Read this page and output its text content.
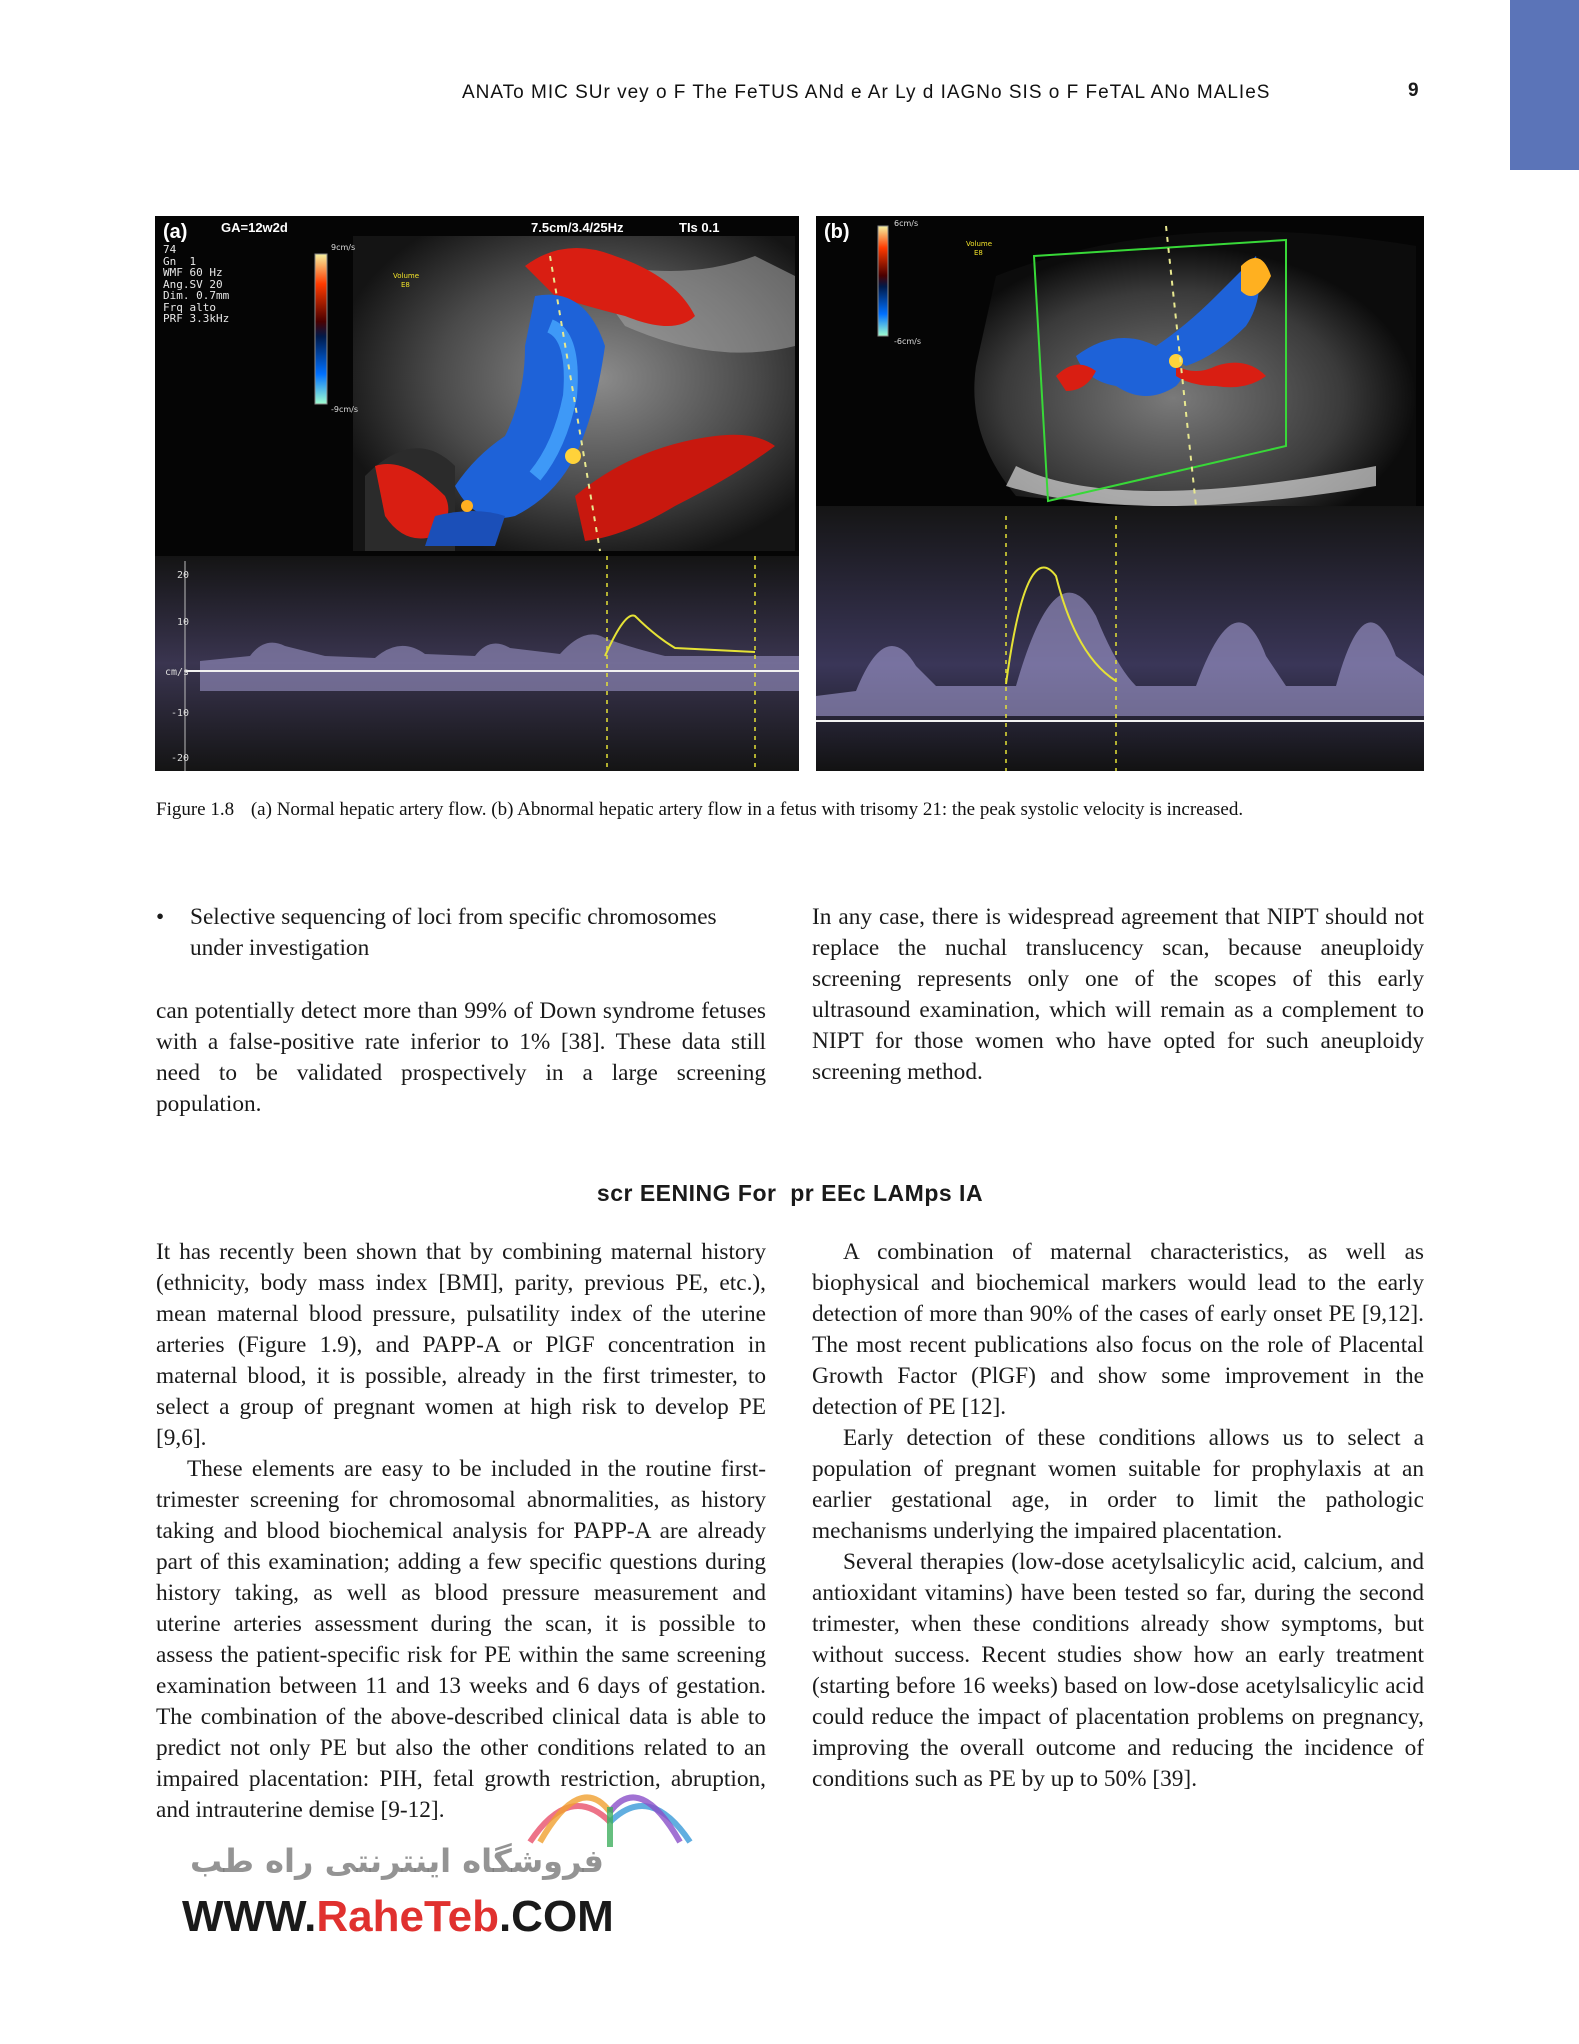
ANATo MIC SUr vey o F The FeTUS ANd e Ar Ly d IAGNo SIS o F FeTAL ANo MALIeS	9
20
10
cm/s
-10
-20
GA=12w2d	7.5cm/3.4/25Hz	TIs 0.1
9cm/s
-9cm/s
Volume
E8
(a)
74
Gn  1
WMF 60 Hz
Ang.SV 20
Dim. 0.7mm
Frq alto
PRF 3.3kHz
6cm/s
-6cm/s
Volume
E8
(b)
Figure 1.8 (a) Normal hepatic artery flow. (b) Abnormal hepatic artery flow in a fetus with trisomy 21: the peak systolic velocity is increased.
•	Selective sequencing of loci from specific chromosomes under investigation

can potentially detect more than 99% of Down syndrome fetuses with a false-positive rate inferior to 1% [38]. These data still need to be validated prospectively in a large screening population.

In any case, there is widespread agreement that NIPT should not replace the nuchal translucency scan, because aneuploidy screening represents only one of the scopes of this early ultrasound examination, which will remain as a complement to NIPT for those women who have opted for such aneuploidy screening method.

scr EENING For  pr EEc LAMps IA

It has recently been shown that by combining maternal history (ethnicity, body mass index [BMI], parity, previous PE, etc.), mean maternal blood pressure, pulsatility index of the uterine arteries (Figure 1.9), and PAPP-A or PlGF concentration in maternal blood, it is possible, already in the first trimester, to select a group of pregnant women at high risk to develop PE [9,6].

These elements are easy to be included in the routine first-trimester screening for chromosomal abnormalities, as history taking and blood biochemical analysis for PAPP-A are already part of this examination; adding a few specific questions during history taking, as well as blood pressure measurement and uterine arteries assessment during the scan, it is possible to assess the patient-specific risk for PE within the same screening examination between 11 and 13 weeks and 6 days of gestation. The combination of the above-described clinical data is able to predict not only PE but also the other conditions related to an impaired placentation: PIH, fetal growth restriction, abruption, and intrauterine demise [9-12].

A combination of maternal characteristics, as well as biophysical and biochemical markers would lead to the early detection of more than 90% of the cases of early onset PE [9,12]. The most recent publications also focus on the role of Placental Growth Factor (PlGF) and show some improvement in the detection of PE [12].

Early detection of these conditions allows us to select a population of pregnant women suitable for prophylaxis at an earlier gestational age, in order to limit the pathologic mechanisms underlying the impaired placentation.

Several therapies (low-dose acetylsalicylic acid, calcium, and antioxidant vitamins) have been tested so far, during the second trimester, when these conditions already show symptoms, but without success. Recent studies show how an early treatment (starting before 16 weeks) based on low-dose acetylsalicylic acid could reduce the impact of placentation problems on pregnancy, improving the overall outcome and reducing the incidence of conditions such as PE by up to 50% [39].

فروشگاه اینترنتی راه طب
WWW.RaheTeb.COM
